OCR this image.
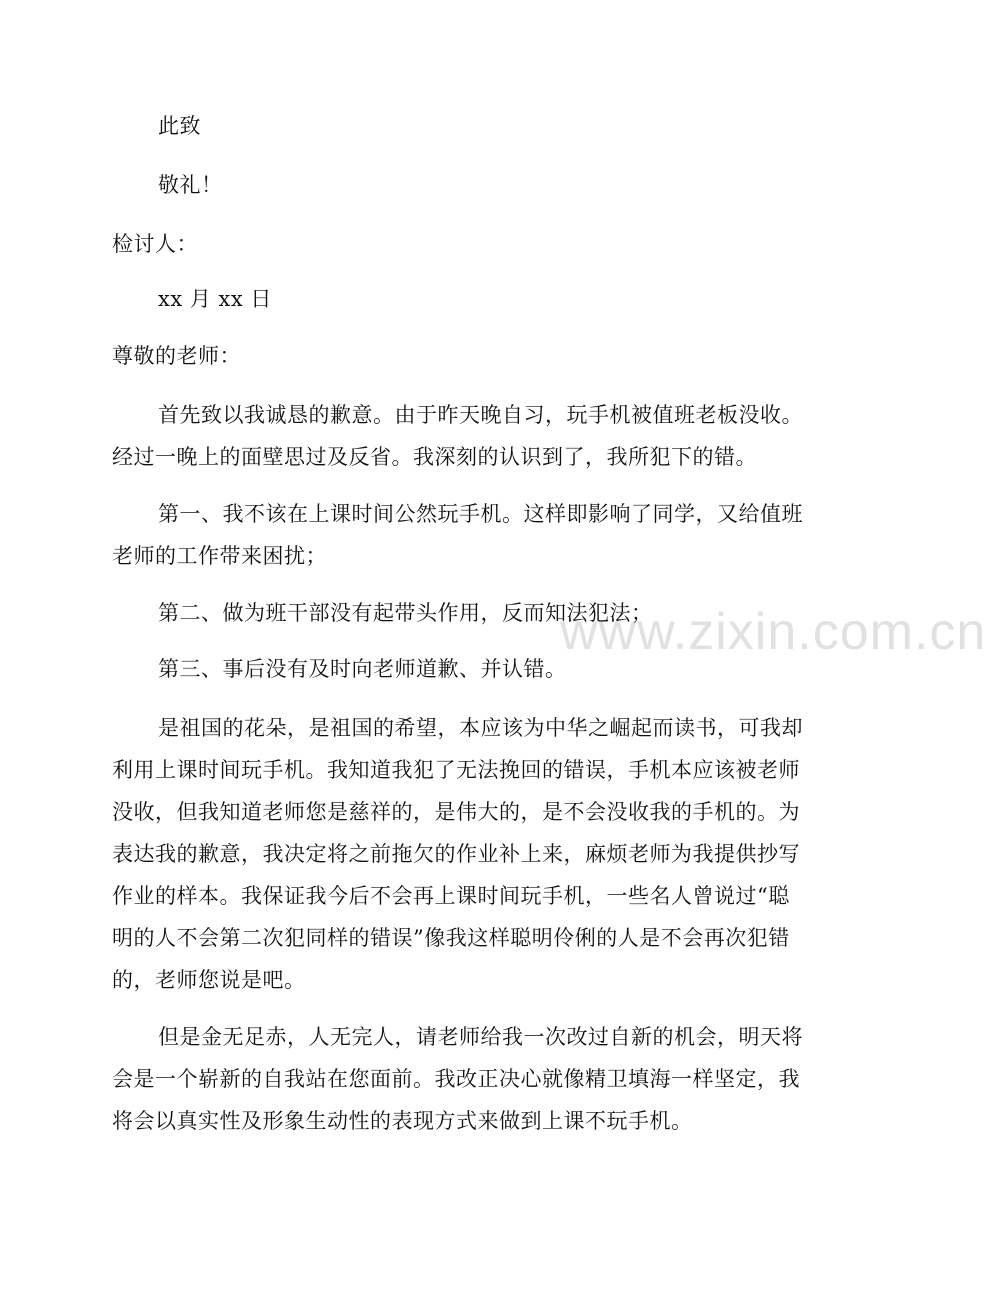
此致
敬礼！
检讨人：
xx 月 xx 日
尊敬的老师：
首先致以我诚恳的歉意。由于昨天晚自习，玩手机被值班老板没收。
经过一晚上的面壁思过及反省。我深刻的认识到了，我所犯下的错。
第一、我不该在上课时间公然玩手机。这样即影响了同学，又给值班
老师的工作带来困扰；
第二、做为班干部没有起带头作用，反而知法犯法；
第三、事后没有及时向老师道歉、并认错。
是祖国的花朵，是祖国的希望，本应该为中华之崛起而读书，可我却
利用上课时间玩手机。我知道我犯了无法挽回的错误，手机本应该被老师
没收，但我知道老师您是慈祥的，是伟大的，是不会没收我的手机的。为
表达我的歉意，我决定将之前拖欠的作业补上来，麻烦老师为我提供抄写
作业的样本。我保证我今后不会再上课时间玩手机，一些名人曾说过“聪
明的人不会第二次犯同样的错误”像我这样聪明伶俐的人是不会再次犯错
的，老师您说是吧。
但是金无足赤，人无完人，请老师给我一次改过自新的机会，明天将
会是一个崭新的自我站在您面前。我改正决心就像精卫填海一样坚定，我
将会以真实性及形象生动性的表现方式来做到上课不玩手机。
www.zixin.com.cn
